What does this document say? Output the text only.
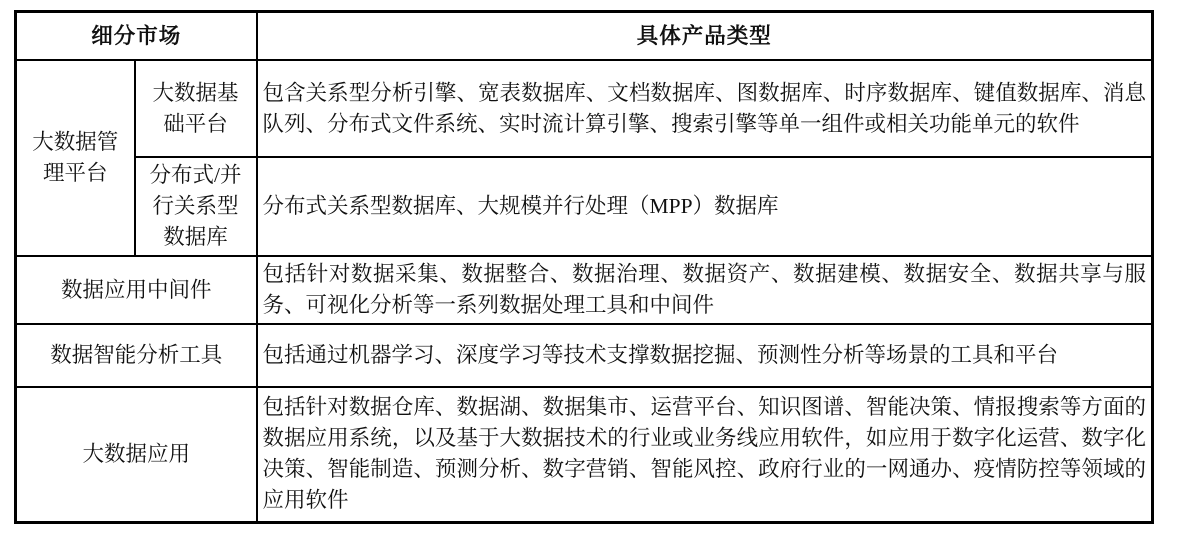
细分市场		具体产品类型
大数据管理平台	大数据基础平台	包含关系型分析引擎、宽表数据库、文档数据库、图数据库、时序数据库、键值数据库、消息队列、分布式文件系统、实时流计算引擎、搜索引擎等单一组件或相关功能单元的软件
	分布式/并行关系型数据库	分布式关系型数据库、大规模并行处理（MPP）数据库
数据应用中间件		包括针对数据采集、数据整合、数据治理、数据资产、数据建模、数据安全、数据共享与服务、可视化分析等一系列数据处理工具和中间件
数据智能分析工具		包括通过机器学习、深度学习等技术支撑数据挖掘、预测性分析等场景的工具和平台
大数据应用		包括针对数据仓库、数据湖、数据集市、运营平台、知识图谱、智能决策、情报搜索等方面的数据应用系统，以及基于大数据技术的行业或业务线应用软件，如应用于数字化运营、数字化决策、智能制造、预测分析、数字营销、智能风控、政府行业的一网通办、疫情防控等领域的应用软件
